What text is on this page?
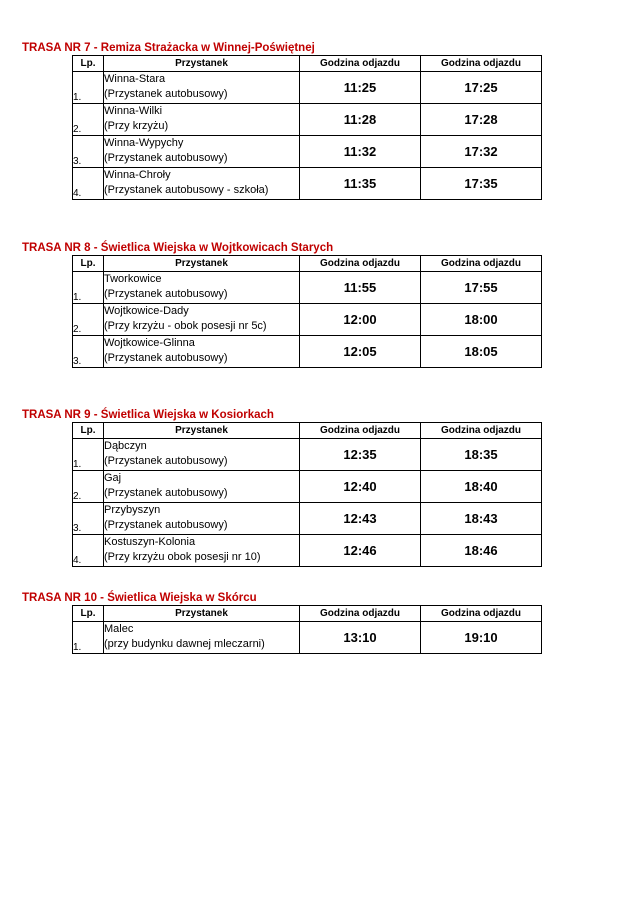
TRASA NR 7 - Remiza Strażacka w Winnej-Poświętnej
Lp.	Przystanek	Godzina odjazdu	Godzina odjazdu
1.	Winna-Stara
(Przystanek autobusowy)	11:25	17:25
2.	Winna-Wilki
(Przy krzyżu)	11:28	17:28
3.	Winna-Wypychy
(Przystanek autobusowy)	11:32	17:32
4.	Winna-Chroły
(Przystanek autobusowy - szkoła)	11:35	17:35
TRASA NR 8 - Świetlica Wiejska w Wojtkowicach Starych
Lp.	Przystanek	Godzina odjazdu	Godzina odjazdu
1.	Tworkowice
(Przystanek autobusowy)	11:55	17:55
2.	Wojtkowice-Dady
(Przy krzyżu - obok posesji nr 5c)	12:00	18:00
3.	Wojtkowice-Glinna
(Przystanek autobusowy)	12:05	18:05
TRASA NR 9 - Świetlica Wiejska w Kosiorkach
Lp.	Przystanek	Godzina odjazdu	Godzina odjazdu
1.	Dąbczyn
(Przystanek autobusowy)	12:35	18:35
2.	Gaj
(Przystanek autobusowy)	12:40	18:40
3.	Przybyszyn
(Przystanek autobusowy)	12:43	18:43
4.	Kostuszyn-Kolonia
(Przy krzyżu obok posesji nr 10)	12:46	18:46
TRASA NR 10 - Świetlica Wiejska w Skórcu
Lp.	Przystanek	Godzina odjazdu	Godzina odjazdu
1.	Malec
(przy budynku dawnej mleczarni)	13:10	19:10
